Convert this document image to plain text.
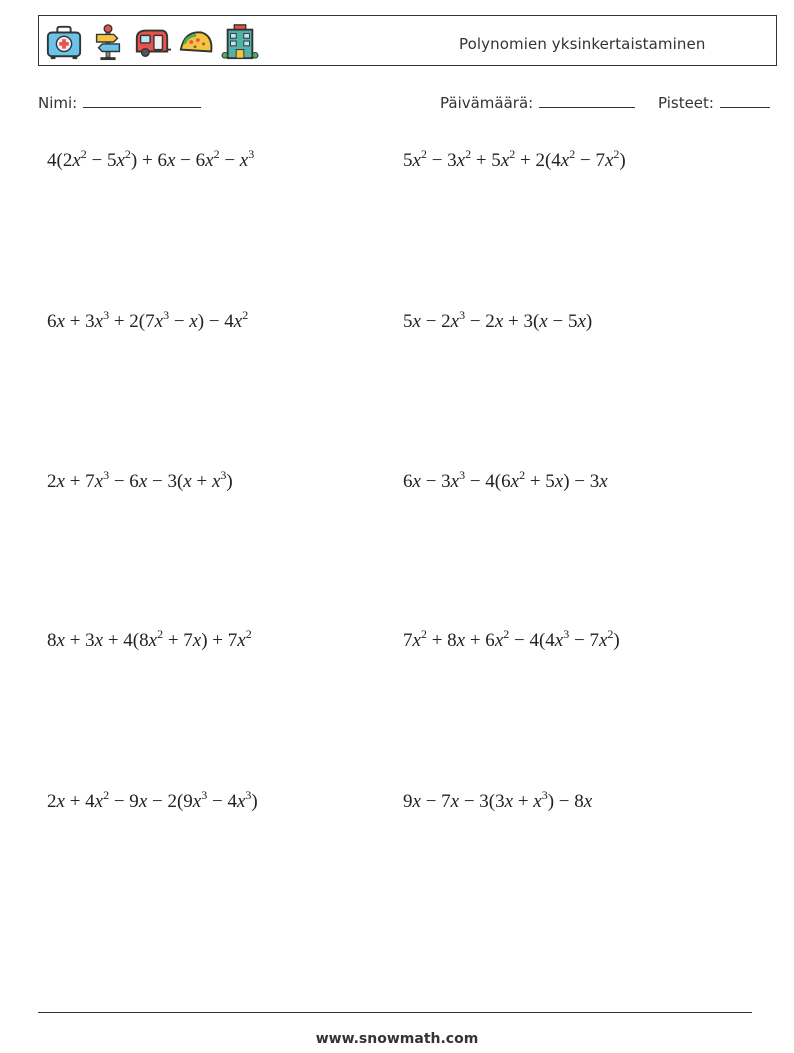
Polynomien yksinkertaistaminen
Nimi:	Päivämäärä:	Pisteet:
$4(2x^2 - 5x^2) + 6x - 6x^2 - x^3$	$5x^2 - 3x^2 + 5x^2 + 2(4x^2 - 7x^2)$
$6x + 3x^3 + 2(7x^3 - x) - 4x^2$	$5x - 2x^3 - 2x + 3(x - 5x)$
$2x + 7x^3 - 6x - 3(x + x^3)$	$6x - 3x^3 - 4(6x^2 + 5x) - 3x$
$8x + 3x + 4(8x^2 + 7x) + 7x^2$	$7x^2 + 8x + 6x^2 - 4(4x^3 - 7x^2)$
$2x + 4x^2 - 9x - 2(9x^3 - 4x^3)$	$9x - 7x - 3(3x + x^3) - 8x$
www.snowmath.com
